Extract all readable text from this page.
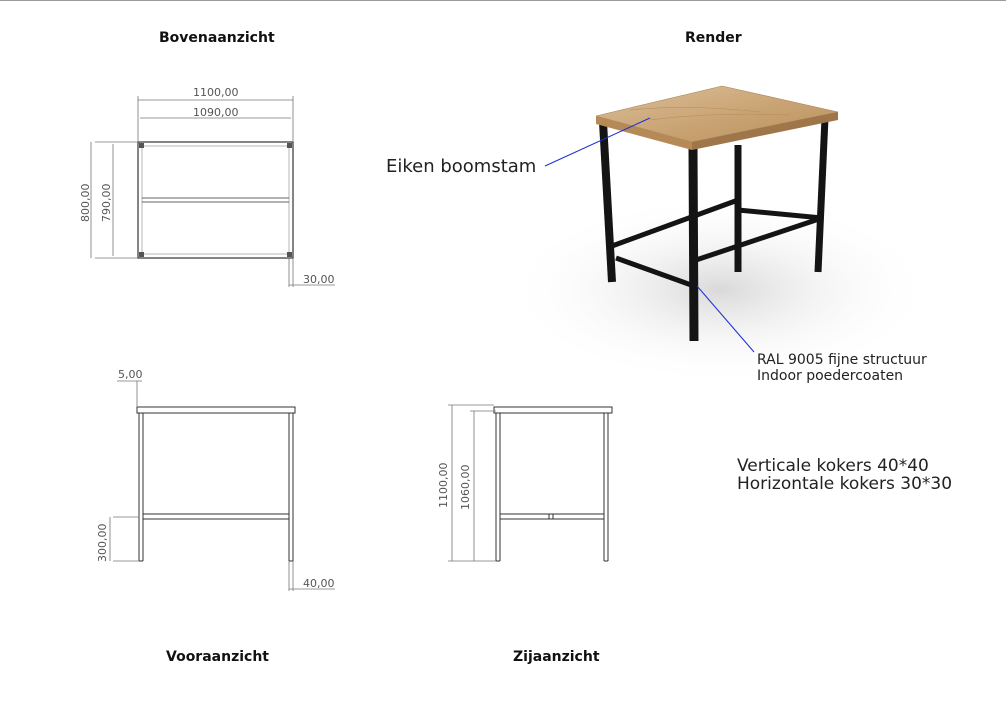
Bovenaanzicht	Render
Vooraanzicht	Zijaanzicht
1100,00
1090,00
800,00 790,00
30,00
5,00
300,00
40,00
1100,00 1060,00
Eiken boomstam
RAL 9005 fijne structuur
Indoor poedercoaten
Verticale kokers 40*40
Horizontale kokers 30*30
